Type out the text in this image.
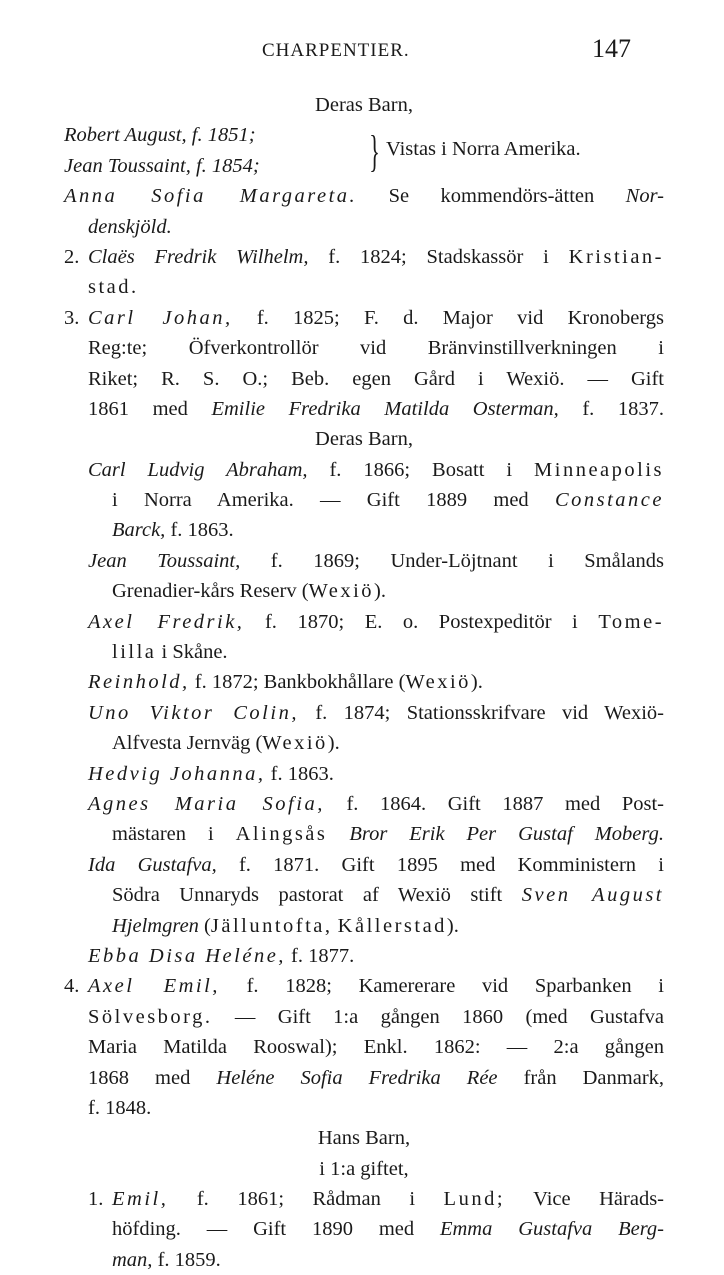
CHARPENTIER.	147
Deras Barn,
Robert August, f. 1851;
Jean Toussaint, f. 1854; } Vistas i Norra Amerika.
Anna Sofia Margareta. Se kommendörs-ätten Nor-
denskjöld.
2. Claës Fredrik Wilhelm, f. 1824; Stadskassör i Kristian-
stad.
3. Carl Johan, f. 1825; F. d. Major vid Kronobergs
Reg:te; Öfverkontrollör vid Bränvinstillverkningen i
Riket; R. S. O.; Beb. egen Gård i Wexiö. — Gift
1861 med Emilie Fredrika Matilda Osterman, f. 1837.
Deras Barn,
Carl Ludvig Abraham, f. 1866; Bosatt i Minneapolis
i Norra Amerika. — Gift 1889 med Constance
Barck, f. 1863.
Jean Toussaint, f. 1869; Under-Löjtnant i Smålands
Grenadier-kårs Reserv (Wexiö).
Axel Fredrik, f. 1870; E. o. Postexpeditör i Tome-
lilla i Skåne.
Reinhold, f. 1872; Bankbokhållare (Wexiö).
Uno Viktor Colin, f. 1874; Stationsskrifvare vid Wexiö-
Alfvesta Jernväg (Wexiö).
Hedvig Johanna, f. 1863.
Agnes Maria Sofia, f. 1864. Gift 1887 med Post-
mästaren i Alingsås Bror Erik Per Gustaf Moberg.
Ida Gustafva, f. 1871. Gift 1895 med Komministern i
Södra Unnaryds pastorat af Wexiö stift Sven August
Hjelmgren (Jälluntofta, Kållerstad).
Ebba Disa Heléne, f. 1877.
4. Axel Emil, f. 1828; Kamererare vid Sparbanken i
Sölvesborg. — Gift 1:a gången 1860 (med Gustafva
Maria Matilda Rooswal); Enkl. 1862: — 2:a gången
1868 med Heléne Sofia Fredrika Rée från Danmark,
f. 1848.
Hans Barn,
i 1:a giftet,
1. Emil, f. 1861; Rådman i Lund; Vice Härads-
höfding. — Gift 1890 med Emma Gustafva Berg-
man, f. 1859.
